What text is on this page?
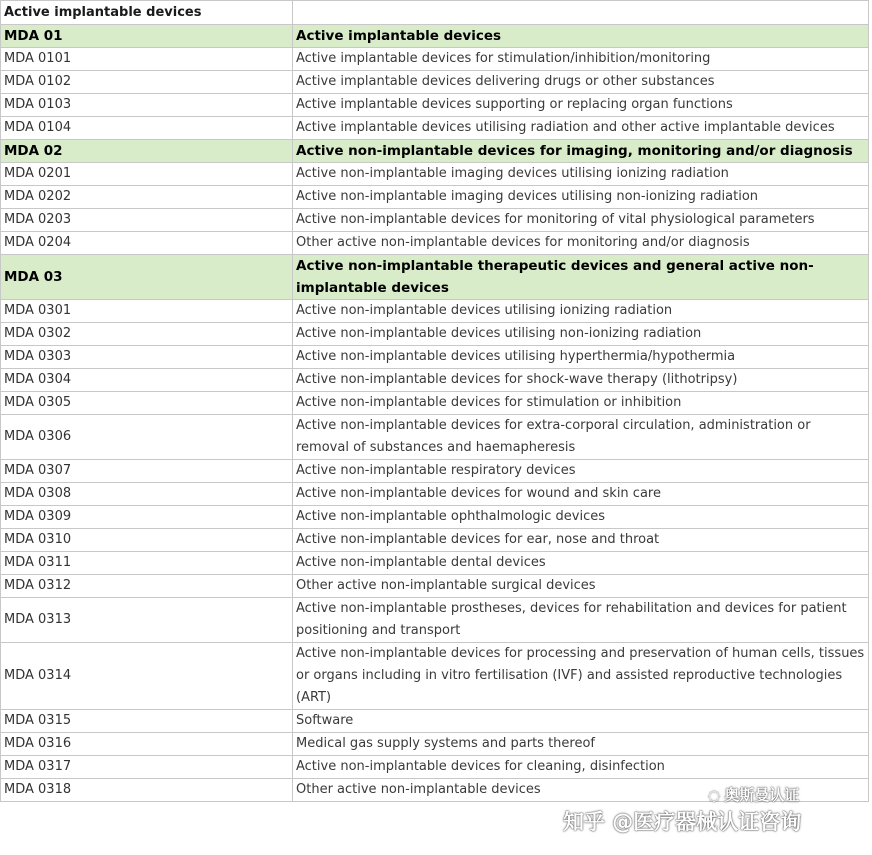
Active implantable devices	
MDA 01	Active implantable devices
MDA 0101	Active implantable devices for stimulation/inhibition/monitoring
MDA 0102	Active implantable devices delivering drugs or other substances
MDA 0103	Active implantable devices supporting or replacing organ functions
MDA 0104	Active implantable devices utilising radiation and other active implantable devices
MDA 02	Active non-implantable devices for imaging, monitoring and/or diagnosis
MDA 0201	Active non-implantable imaging devices utilising ionizing radiation
MDA 0202	Active non-implantable imaging devices utilising non-ionizing radiation
MDA 0203	Active non-implantable devices for monitoring of vital physiological parameters
MDA 0204	Other active non-implantable devices for monitoring and/or diagnosis
MDA 03	Active non-implantable therapeutic devices and general active non-implantable devices
MDA 0301	Active non-implantable devices utilising ionizing radiation
MDA 0302	Active non-implantable devices utilising non-ionizing radiation
MDA 0303	Active non-implantable devices utilising hyperthermia/hypothermia
MDA 0304	Active non-implantable devices for shock-wave therapy (lithotripsy)
MDA 0305	Active non-implantable devices for stimulation or inhibition
MDA 0306	Active non-implantable devices for extra-corporal circulation, administration or removal of substances and haemapheresis
MDA 0307	Active non-implantable respiratory devices
MDA 0308	Active non-implantable devices for wound and skin care
MDA 0309	Active non-implantable ophthalmologic devices
MDA 0310	Active non-implantable devices for ear, nose and throat
MDA 0311	Active non-implantable dental devices
MDA 0312	Other active non-implantable surgical devices
MDA 0313	Active non-implantable prostheses, devices for rehabilitation and devices for patient positioning and transport
MDA 0314	Active non-implantable devices for processing and preservation of human cells, tissues or organs including in vitro fertilisation (IVF) and assisted reproductive technologies (ART)
MDA 0315	Software
MDA 0316	Medical gas supply systems and parts thereof
MDA 0317	Active non-implantable devices for cleaning, disinfection
MDA 0318	Other active non-implantable devices	◌ 奥斯曼认证
知乎 @医疗器械认证咨询
